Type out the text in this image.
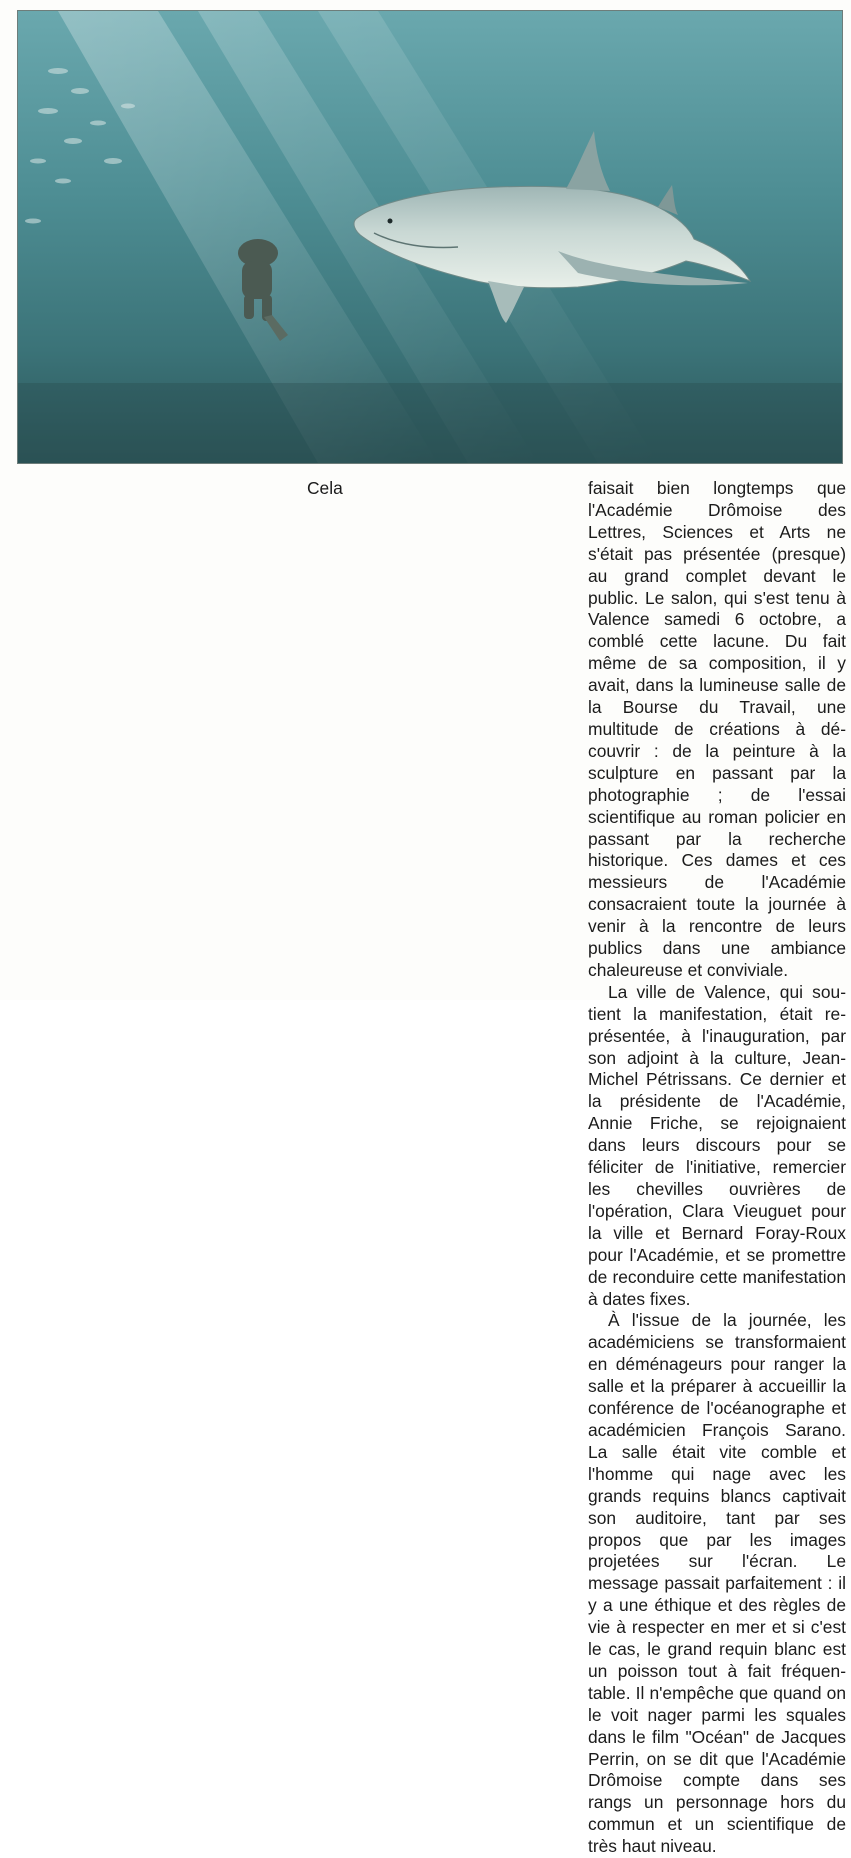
Cela	faisait bien longtemps que l'Académie Drômoise des Lettres, Sciences et Arts ne s'était pas présentée (presque) au grand complet devant le public. Le salon, qui s'est tenu à Valence samedi 6 octobre, a comblé cette lacune. Du fait même de sa composition, il y avait, dans la lumineuse salle de la Bourse du Travail, une multitude de créations à découvrir : de la peinture à la sculpture en passant par la photographie ; de l'essai scientifique au roman policier en passant par la recherche historique. Ces dames et ces messieurs de l'Académie consacraient toute la journée à venir à la rencontre de leurs publics dans une ambiance chaleureuse et conviviale.

La ville de Valence, qui soutient la manifestation, était représentée, à l'inauguration, par son adjoint à la culture, Jean-Michel Pétrissans. Ce dernier et la présidente de l'Académie, Annie Friche, se rejoignaient dans leurs discours pour se féliciter de l'initiative, remercier les chevilles ouvrières de l'opération, Clara Vieuguet pour la ville et Bernard Foray-Roux pour l'Académie, et se promettre de reconduire cette manifestation à dates fixes.

À l'issue de la journée, les académiciens se transformaient en déménageurs pour ranger la salle et la préparer à accueillir la conférence de l'océanographe et académicien François Sarano. La salle était vite comble et l'homme qui nage avec les grands requins blancs captivait son auditoire, tant par ses propos que par les images projetées sur l'écran. Le message passait parfaitement : il y a une éthique et des règles de vie à respecter en mer et si c'est le cas, le grand requin blanc est un poisson tout à fait fréquentable. Il n'empêche que quand on le voit nager parmi les squales dans le film "Océan" de Jacques Perrin, on se dit que l'Académie Drômoise compte dans ses rangs un personnage hors du commun et un scientifique de très haut niveau.
